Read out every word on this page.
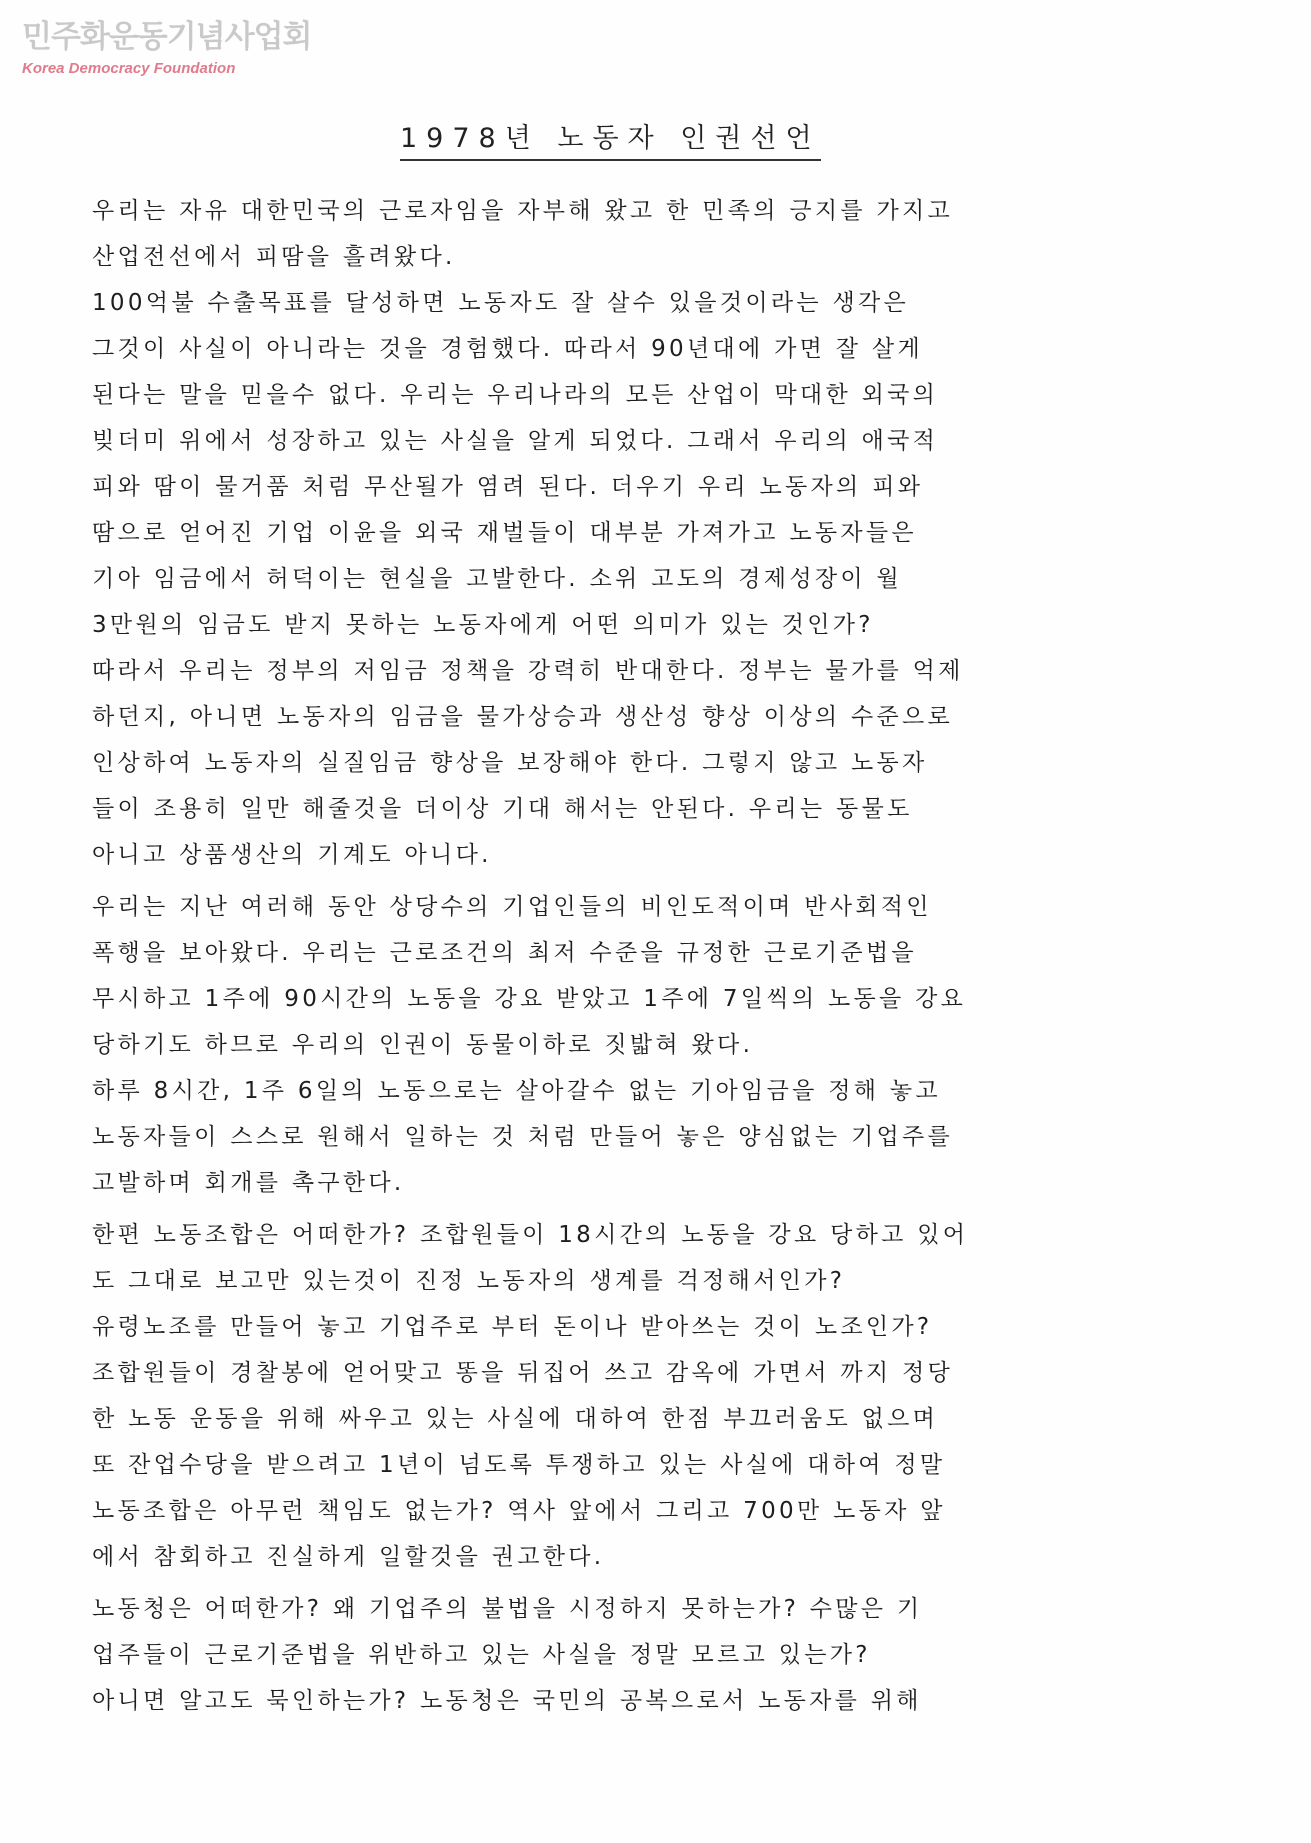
민주화운동기념사업회
Korea Democracy Foundation
1978년 노동자 인권선언
우리는 자유 대한민국의 근로자임을 자부해 왔고 한 민족의 긍지를 가지고
산업전선에서 피땀을 흘려왔다.
100억불 수출목표를 달성하면 노동자도 잘 살수 있을것이라는 생각은
그것이 사실이 아니라는 것을 경험했다. 따라서 90년대에 가면 잘 살게
된다는 말을 믿을수 없다. 우리는 우리나라의 모든 산업이 막대한 외국의
빚더미 위에서 성장하고 있는 사실을 알게 되었다. 그래서 우리의 애국적
피와 땀이 물거품 처럼 무산될가 염려 된다. 더우기 우리 노동자의 피와
땀으로 얻어진 기업 이윤을 외국 재벌들이 대부분 가져가고 노동자들은
기아 임금에서 허덕이는 현실을 고발한다. 소위 고도의 경제성장이 월
3만원의 임금도 받지 못하는 노동자에게 어떤 의미가 있는 것인가?
따라서 우리는 정부의 저임금 정책을 강력히 반대한다. 정부는 물가를 억제
하던지, 아니면 노동자의 임금을 물가상승과 생산성 향상 이상의 수준으로
인상하여 노동자의 실질임금 향상을 보장해야 한다. 그렇지 않고 노동자
들이 조용히 일만 해줄것을 더이상 기대 해서는 안된다. 우리는 동물도
아니고 상품생산의 기계도 아니다.
우리는 지난 여러해 동안 상당수의 기업인들의 비인도적이며 반사회적인
폭행을 보아왔다. 우리는 근로조건의 최저 수준을 규정한 근로기준법을
무시하고 1주에 90시간의 노동을 강요 받았고 1주에 7일씩의 노동을 강요
당하기도 하므로 우리의 인권이 동물이하로 짓밟혀 왔다.
하루 8시간, 1주 6일의 노동으로는 살아갈수 없는 기아임금을 정해 놓고
노동자들이 스스로 원해서 일하는 것 처럼 만들어 놓은 양심없는 기업주를
고발하며 회개를 촉구한다.
한편 노동조합은 어떠한가? 조합원들이 18시간의 노동을 강요 당하고 있어
도 그대로 보고만 있는것이 진정 노동자의 생계를 걱정해서인가?
유령노조를 만들어 놓고 기업주로 부터 돈이나 받아쓰는 것이 노조인가?
조합원들이 경찰봉에 얻어맞고 똥을 뒤집어 쓰고 감옥에 가면서 까지 정당
한 노동 운동을 위해 싸우고 있는 사실에 대하여 한점 부끄러움도 없으며
또 잔업수당을 받으려고 1년이 넘도록 투쟁하고 있는 사실에 대하여 정말
노동조합은 아무런 책임도 없는가? 역사 앞에서 그리고 700만 노동자 앞
에서 참회하고 진실하게 일할것을 권고한다.
노동청은 어떠한가? 왜 기업주의 불법을 시정하지 못하는가? 수많은 기
업주들이 근로기준법을 위반하고 있는 사실을 정말 모르고 있는가?
아니면 알고도 묵인하는가? 노동청은 국민의 공복으로서 노동자를 위해
